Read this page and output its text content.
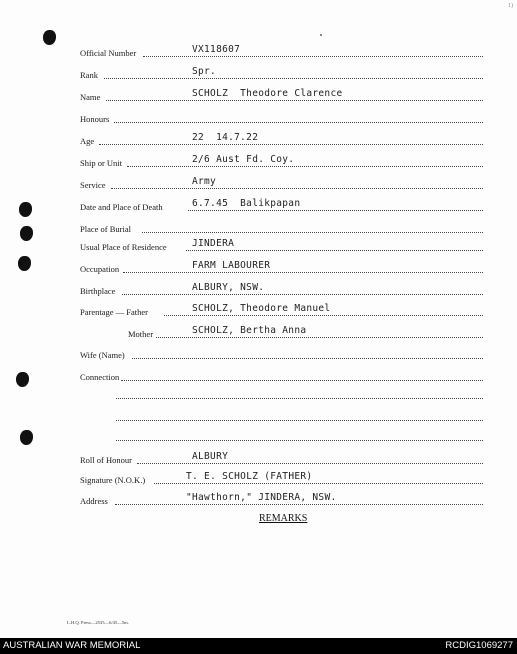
1)
Official Number	VX118607
Rank	Spr.
Name	SCHOLZ  Theodore Clarence
Honours
Age	22  14.7.22
Ship or Unit	2/6 Aust Fd. Coy.
Service	Army
Date and Place of Death	6.7.45  Balikpapan
Place of Burial
Usual Place of Residence	JINDERA
Occupation	FARM LABOURER
Birthplace	ALBURY, NSW.
Parentage — Father	SCHOLZ, Theodore Manuel
Mother	SCHOLZ, Bertha Anna
Wife (Name)
Connection
Roll of Honour	ALBURY
Signature (N.O.K.)	T. E. SCHOLZ (FATHER)
Address	"Hawthorn," JINDERA, NSW.
REMARKS
L.H.Q. Press—2535—6/45—5m.
AUSTRALIAN WAR MEMORIAL	RCDIG1069277
